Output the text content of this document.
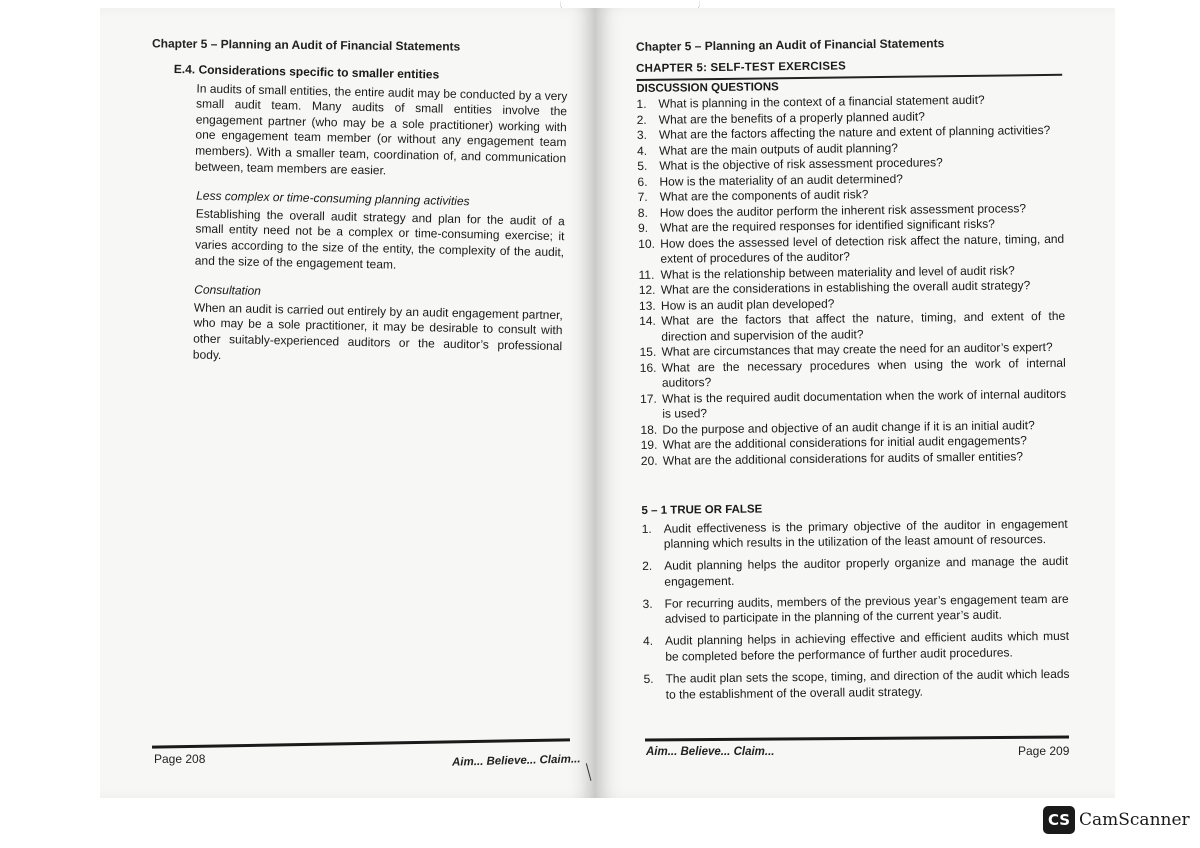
Chapter 5 – Planning an Audit of Financial Statements
E.4. Considerations specific to smaller entities
In audits of small entities, the entire audit may be conducted by a very small audit team. Many audits of small entities involve the engagement partner (who may be a sole practitioner) working with one engagement team member (or without any engagement team members). With a smaller team, coordination of, and communication between, team members are easier.
Less complex or time-consuming planning activities
Establishing the overall audit strategy and plan for the audit of a small entity need not be a complex or time-consuming exercise; it varies according to the size of the entity, the complexity of the audit, and the size of the engagement team.
Consultation
When an audit is carried out entirely by an audit engagement partner, who may be a sole practitioner, it may be desirable to consult with other suitably-experienced auditors or the auditor’s professional body.
Page 208	Aim... Believe... Claim...
Chapter 5 – Planning an Audit of Financial Statements
CHAPTER 5: SELF-TEST EXERCISES
DISCUSSION QUESTIONS
1. What is planning in the context of a financial statement audit?
2. What are the benefits of a properly planned audit?
3. What are the factors affecting the nature and extent of planning activities?
4. What are the main outputs of audit planning?
5. What is the objective of risk assessment procedures?
6. How is the materiality of an audit determined?
7. What are the components of audit risk?
8. How does the auditor perform the inherent risk assessment process?
9. What are the required responses for identified significant risks?
10. How does the assessed level of detection risk affect the nature, timing, and extent of procedures of the auditor?
11. What is the relationship between materiality and level of audit risk?
12. What are the considerations in establishing the overall audit strategy?
13. How is an audit plan developed?
14. What are the factors that affect the nature, timing, and extent of the direction and supervision of the audit?
15. What are circumstances that may create the need for an auditor’s expert?
16. What are the necessary procedures when using the work of internal auditors?
17. What is the required audit documentation when the work of internal auditors is used?
18. Do the purpose and objective of an audit change if it is an initial audit?
19. What are the additional considerations for initial audit engagements?
20. What are the additional considerations for audits of smaller entities?
5 – 1 TRUE OR FALSE
1. Audit effectiveness is the primary objective of the auditor in engagement planning which results in the utilization of the least amount of resources.
2. Audit planning helps the auditor properly organize and manage the audit engagement.
3. For recurring audits, members of the previous year’s engagement team are advised to participate in the planning of the current year’s audit.
4. Audit planning helps in achieving effective and efficient audits which must be completed before the performance of further audit procedures.
5. The audit plan sets the scope, timing, and direction of the audit which leads to the establishment of the overall audit strategy.
Aim... Believe... Claim...	Page 209
CS CamScanner
